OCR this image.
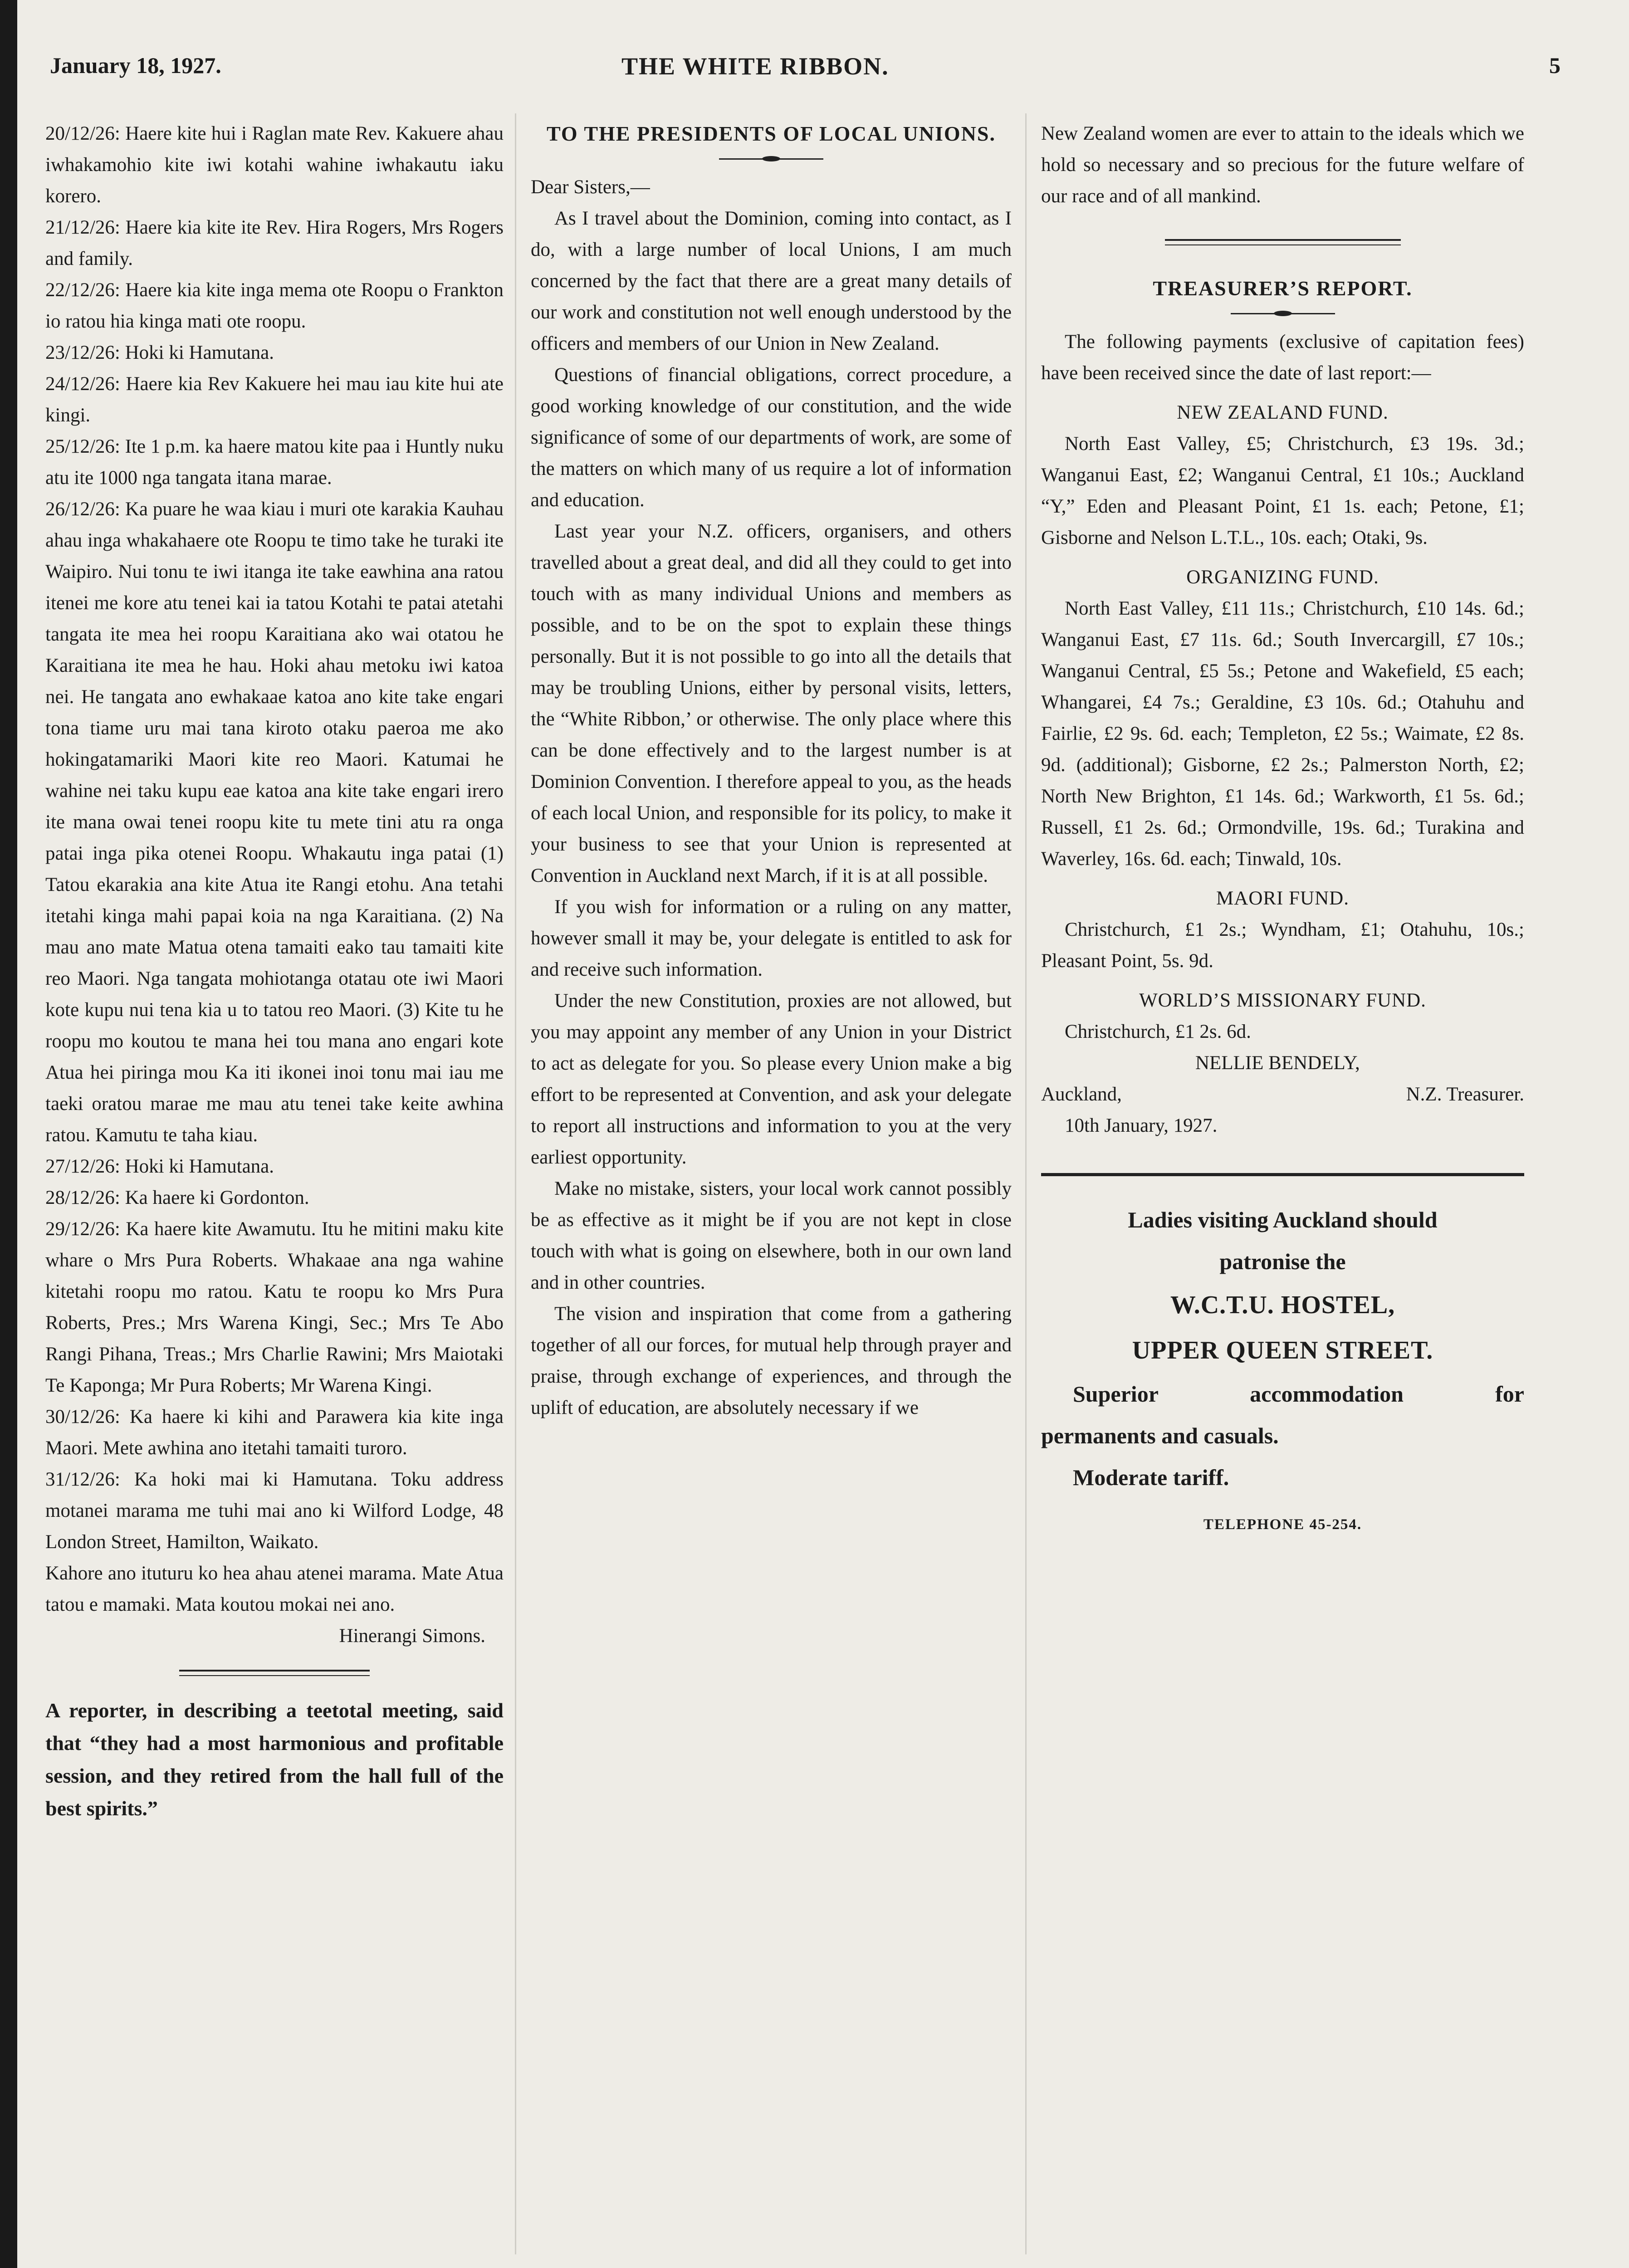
January 18, 1927.	THE WHITE RIBBON.	5

20/12/26: Haere kite hui i Raglan mate Rev. Kakuere ahau iwhakamohio kite iwi kotahi wahine iwhakautu iaku korero.

21/12/26: Haere kia kite ite Rev. Hira Rogers, Mrs Rogers and family.

22/12/26: Haere kia kite inga mema ote Roopu o Frankton io ratou hia kinga mati ote roopu.

23/12/26: Hoki ki Hamutana.

24/12/26: Haere kia Rev Kakuere hei mau iau kite hui ate kingi.

25/12/26: Ite 1 p.m. ka haere matou kite paa i Huntly nuku atu ite 1000 nga tangata itana marae.

26/12/26: Ka puare he waa kiau i muri ote karakia Kauhau ahau inga whakahaere ote Roopu te timo take he turaki ite Waipiro. Nui tonu te iwi itanga ite take eawhina ana ratou itenei me kore atu tenei kai ia tatou Kotahi te patai atetahi tangata ite mea hei roopu Karaitiana ako wai otatou he Karaitiana ite mea he hau. Hoki ahau metoku iwi katoa nei. He tangata ano ewhakaae katoa ano kite take engari tona tiame uru mai tana kiroto otaku paeroa me ako hokingatamariki Maori kite reo Maori. Katumai he wahine nei taku kupu eae katoa ana kite take engari irero ite mana owai tenei roopu kite tu mete tini atu ra onga patai inga pika otenei Roopu. Whakautu inga patai (1) Tatou ekarakia ana kite Atua ite Rangi etohu. Ana tetahi itetahi kinga mahi papai koia na nga Karaitiana. (2) Na mau ano mate Matua otena tamaiti eako tau tamaiti kite reo Maori. Nga tangata mohiotanga otatau ote iwi Maori kote kupu nui tena kia u to tatou reo Maori. (3) Kite tu he roopu mo koutou te mana hei tou mana ano engari kote Atua hei piringa mou Ka iti ikonei inoi tonu mai iau me taeki oratou marae me mau atu tenei take keite awhina ratou. Kamutu te taha kiau.

27/12/26: Hoki ki Hamutana.

28/12/26: Ka haere ki Gordonton.

29/12/26: Ka haere kite Awamutu. Itu he mitini maku kite whare o Mrs Pura Roberts. Whakaae ana nga wahine kitetahi roopu mo ratou. Katu te roopu ko Mrs Pura Roberts, Pres.; Mrs Warena Kingi, Sec.; Mrs Te Abo Rangi Pihana, Treas.; Mrs Charlie Rawini; Mrs Maiotaki Te Kaponga; Mr Pura Roberts; Mr Warena Kingi.

30/12/26: Ka haere ki kihi and Parawera kia kite inga Maori. Mete awhina ano itetahi tamaiti turoro.

31/12/26: Ka hoki mai ki Hamutana. Toku address motanei marama me tuhi mai ano ki Wilford Lodge, 48 London Street, Hamilton, Waikato.

Kahore ano ituturu ko hea ahau atenei marama. Mate Atua tatou e mamaki. Mata koutou mokai nei ano.

Hinerangi Simons.

A reporter, in describing a teetotal meeting, said that “they had a most harmonious and profitable session, and they retired from the hall full of the best spirits.”

TO THE PRESIDENTS OF LOCAL UNIONS.

Dear Sisters,—

As I travel about the Dominion, coming into contact, as I do, with a large number of local Unions, I am much concerned by the fact that there are a great many details of our work and constitution not well enough understood by the officers and members of our Union in New Zealand.

Questions of financial obligations, correct procedure, a good working knowledge of our constitution, and the wide significance of some of our departments of work, are some of the matters on which many of us require a lot of information and education.

Last year your N.Z. officers, organisers, and others travelled about a great deal, and did all they could to get into touch with as many individual Unions and members as possible, and to be on the spot to explain these things personally. But it is not possible to go into all the details that may be troubling Unions, either by personal visits, letters, the “White Ribbon,’ or otherwise. The only place where this can be done effectively and to the largest number is at Dominion Convention. I therefore appeal to you, as the heads of each local Union, and responsible for its policy, to make it your business to see that your Union is represented at Convention in Auckland next March, if it is at all possible.

If you wish for information or a ruling on any matter, however small it may be, your delegate is entitled to ask for and receive such information.

Under the new Constitution, proxies are not allowed, but you may appoint any member of any Union in your District to act as delegate for you. So please every Union make a big effort to be represented at Convention, and ask your delegate to report all instructions and information to you at the very earliest opportunity.

Make no mistake, sisters, your local work cannot possibly be as effective as it might be if you are not kept in close touch with what is going on elsewhere, both in our own land and in other countries.

The vision and inspiration that come from a gathering together of all our forces, for mutual help through prayer and praise, through exchange of experiences, and through the uplift of education, are absolutely necessary if we

New Zealand women are ever to attain to the ideals which we hold so necessary and so precious for the future welfare of our race and of all mankind.

TREASURER’S REPORT.

The following payments (exclusive of capitation fees) have been received since the date of last report:—

NEW ZEALAND FUND.

North East Valley, £5; Christchurch, £3 19s. 3d.; Wanganui East, £2; Wanganui Central, £1 10s.; Auckland “Y,” Eden and Pleasant Point, £1 1s. each; Petone, £1; Gisborne and Nelson L.T.L., 10s. each; Otaki, 9s.

ORGANIZING FUND.

North East Valley, £11 11s.; Christchurch, £10 14s. 6d.; Wanganui East, £7 11s. 6d.; South Invercargill, £7 10s.; Wanganui Central, £5 5s.; Petone and Wakefield, £5 each; Whangarei, £4 7s.; Geraldine, £3 10s. 6d.; Otahuhu and Fairlie, £2 9s. 6d. each; Templeton, £2 5s.; Waimate, £2 8s. 9d. (additional); Gisborne, £2 2s.; Palmerston North, £2; North New Brighton, £1 14s. 6d.; Warkworth, £1 5s. 6d.; Russell, £1 2s. 6d.; Ormondville, 19s. 6d.; Turakina and Waverley, 16s. 6d. each; Tinwald, 10s.

MAORI FUND.

Christchurch, £1 2s.; Wyndham, £1; Otahuhu, 10s.; Pleasant Point, 5s. 9d.

WORLD’S MISSIONARY FUND.

Christchurch, £1 2s. 6d.

NELLIE BENDELY,

Auckland,	N.Z. Treasurer.

10th January, 1927.

Ladies visiting Auckland should

patronise the

W.C.T.U. HOSTEL,

UPPER QUEEN STREET.

Superior accommodation for

permanents and casuals.

Moderate tariff.

TELEPHONE 45-254.
